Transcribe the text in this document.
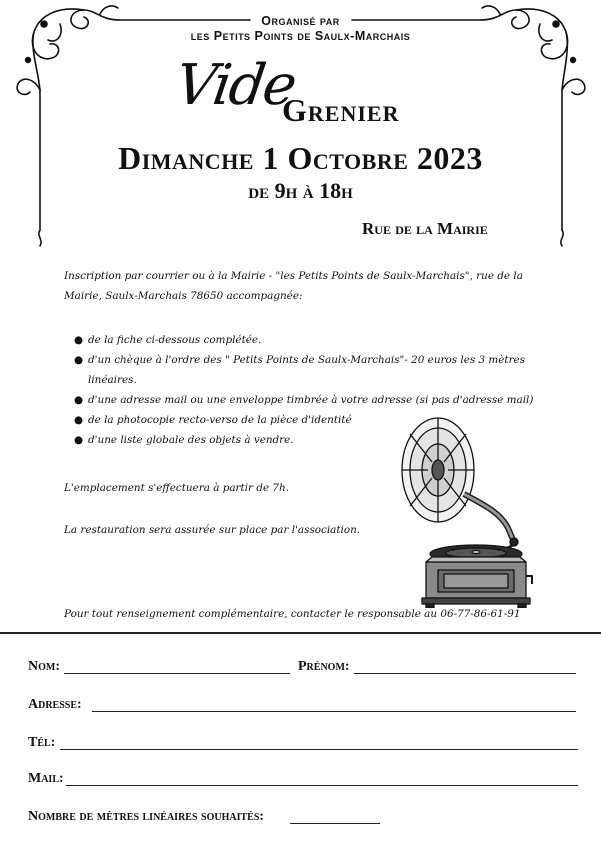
Organisé par
les Petits Points de Saulx-Marchais
Vide
Grenier
Dimanche 1 Octobre 2023
de 9h à 18h
Rue de la Mairie
Inscription par courrier ou à la Mairie - "les Petits Points de Saulx-Marchais", rue de la Mairie, Saulx-Marchais 78650 accompagnée:
● de la fiche ci-dessous complétée.
● d'un chèque à l'ordre des " Petits Points de Saulx-Marchais"- 20 euros les 3 mètres linéaires.
● d'une adresse mail ou une enveloppe timbrée à votre adresse (si pas d'adresse mail)
● de la photocopie recto-verso de la pièce d'identité
● d'une liste globale des objets à vendre.
L'emplacement s'effectuera à partir de 7h.
La restauration sera assurée sur place par l'association.
Pour tout renseignement complémentaire, contacter le responsable au 06-77-86-61-91
Nom:	Prénom:
Adresse:
Tél:
Mail:
Nombre de mètres linéaires souhaités:
